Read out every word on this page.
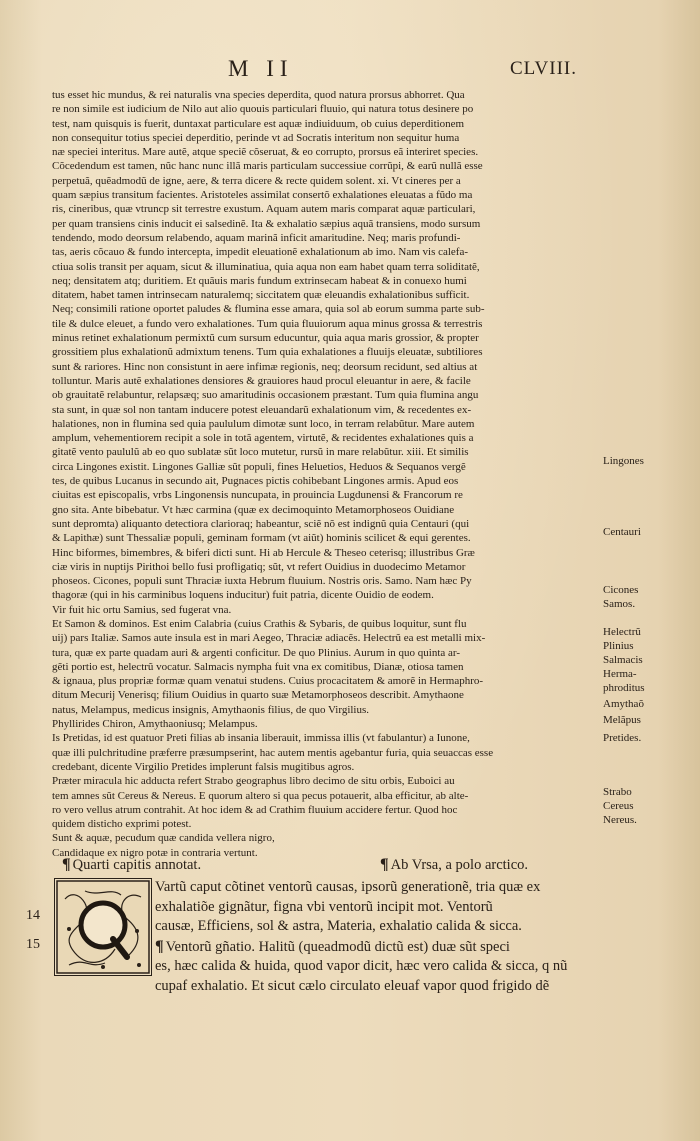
M II	CLVIII.

tus esset hic mundus, & rei naturalis vna species deperdita, quod natura prorsus abhorret. Qua

re non simile est iudicium de Nilo aut alio quouis particulari fluuio, qui natura totus desinere po

test, nam quisquis is fuerit, duntaxat particulare est aquæ indiuiduum, ob cuius deperditionem

non consequitur totius speciei deperditio, perinde vt ad Socratis interitum non sequitur huma

næ speciei interitus. Mare autẽ, atque speciẽ cõseruat, & eo corrupto, prorsus eã interiret species.

Cõcedendum est tamen, nũc hanc nunc illã maris particulam successiue corrũpi, & earũ nullã esse

perpetuã, quẽadmodũ de igne, aere, & terra dicere & recte quidem solent. xi. Vt cineres per a

quam sæpius transitum facientes. Aristoteles assimilat consertõ exhalationes eleuatas a fũdo ma

ris, cineribus, quæ vtruncp sit terrestre exustum. Aquam autem maris comparat aquæ particulari,

per quam transiens cinis inducit ei salsedinẽ. Ita & exhalatio sæpius aquã transiens, modo sursum

tendendo, modo deorsum relabendo, aquam marinã inficit amaritudine. Neq; maris profundi-

tas, aeris cõcauo & fundo intercepta, impedit eleuationẽ exhalationum ab imo. Nam vis calefa-

ctiua solis transit per aquam, sicut & illuminatiua, quia aqua non eam habet quam terra soliditatẽ,

neq; densitatem atq; duritiem. Et quãuis maris fundum extrinsecam habeat & in conuexo humi

ditatem, habet tamen intrinsecam naturalemq; siccitatem quæ eleuandis exhalationibus sufficit.

Neq; consimili ratione oportet paludes & flumina esse amara, quia sol ab eorum summa parte sub-

tile & dulce eleuet, a fundo vero exhalationes. Tum quia fluuiorum aqua minus grossa & terrestris

minus retinet exhalationum permixtũ cum sursum educuntur, quia aqua maris grossior, & propter

grossitiem plus exhalationũ admixtum tenens. Tum quia exhalationes a fluuijs eleuatæ, subtiliores

sunt & rariores. Hinc non consistunt in aere infimæ regionis, neq; deorsum recidunt, sed altius at

tolluntur. Maris autẽ exhalationes densiores & grauiores haud procul eleuantur in aere, & facile

ob grauitatẽ relabuntur, relapsæq; suo amaritudinis occasionem præstant. Tum quia flumina angu

sta sunt, in quæ sol non tantam inducere potest eleuandarũ exhalationum vim, & recedentes ex-

halationes, non in flumina sed quia paululum dimotæ sunt loco, in terram relabũtur. Mare autem

amplum, vehementiorem recipit a sole in totã agentem, virtutẽ, & recidentes exhalationes quis a

gitatẽ vento paululũ ab eo quo sublatæ sũt loco mutetur, rursũ in mare relabũtur. xiii. Et similis

circa Lingones existit. Lingones Galliæ sũt populi, fines Heluetios, Heduos & Sequanos vergẽ

tes, de quibus Lucanus in secundo ait, Pugnaces pictis cohibebant Lingones armis. Apud eos

ciuitas est episcopalis, vrbs Lingonensis nuncupata, in prouincia Lugdunensi & Francorum re

gno sita. Ante bibebatur. Vt hæc carmina (quæ ex decimoquinto Metamorphoseos Ouidiane

sunt depromta) aliquanto detectiora clarioraq; habeantur, sciẽ nõ est indignũ quia Centauri (qui

& Lapithæ) sunt Thessaliæ populi, geminam formam (vt aiũt) hominis scilicet & equi gerentes.

Hinc biformes, bimembres, & biferi dicti sunt. Hi ab Hercule & Theseo ceterisq; illustribus Græ

ciæ viris in nuptijs Pirithoi bello fusi profligatiq; sũt, vt refert Ouidius in duodecimo Metamor

phoseos. Cicones, populi sunt Thraciæ iuxta Hebrum fluuium. Nostris oris. Samo. Nam hæc Py

thagoræ (qui in his carminibus loquens inducitur) fuit patria, dicente Ouidio de eodem.

Vir fuit hic ortu Samius, sed fugerat vna.

Et Samon & dominos. Est enim Calabria (cuius Crathis & Sybaris, de quibus loquitur, sunt flu

uij) pars Italiæ. Samos aute insula est in mari Aegeo, Thraciæ adiacẽs. Helectrũ ea est metalli mix-

tura, quæ ex parte quadam auri & argenti conficitur. De quo Plinius. Aurum in quo quinta ar-

gẽti portio est, helectrũ vocatur. Salmacis nympha fuit vna ex comitibus, Dianæ, otiosa tamen

& ignaua, plus propriæ formæ quam venatui studens. Cuius procacitatem & amorẽ in Hermaphro-

ditum Mecurij Venerisq; filium Ouidius in quarto suæ Metamorphoseos describit. Amythaone

natus, Melampus, medicus insignis, Amythaonis filius, de quo Virgilius.

Phyllirides Chiron, Amythaoniusq; Melampus.

Is Pretidas, id est quatuor Preti filias ab insania liberauit, immissa illis (vt fabulantur) a Iunone,

quæ illi pulchritudine præferre præsumpserint, hac autem mentis agebantur furia, quia seuaccas esse

credebant, dicente Virgilio Pretides implerunt falsis mugitibus agros.

Præter miracula hic adducta refert Strabo geographus libro decimo de situ orbis, Euboici au

tem amnes sũt Cereus & Nereus. E quorum altero si qua pecus potauerit, alba efficitur, ab alte-

ro vero vellus atrum contrahit. At hoc idem & ad Crathim fluuium accidere fertur. Quod hoc

quidem disticho exprimi potest.

Sunt & aquæ, pecudum quæ candida vellera nigro,

Candidaque ex nigro potæ in contraria vertunt.

Lingones
Centauri
Cicones
Samos.
Helectrũ
Plinius
Salmacis
Herma-
phroditus
Amythaõ
Melãpus
Pretides.
Strabo
Cereus
Nereus.
¶ Quarti capitis annotat.	¶ Ab Vrsa, a polo arctico.
Vartũ caput cõtinet ventorũ causas, ipsorũ generationẽ, tria quæ ex
exhalatiõe gignãtur, figna vbi ventorũ incipit mot. Ventorũ
causæ, Efficiens, sol & astra, Materia, exhalatio calida & sicca.
¶ Ventorũ gñatio. Halitũ (queadmodũ dictũ est) duæ sũt speci
es, hæc calida & huida, quod vapor dicit, hæc vero calida & sicca, q nũ
cupaf exhalatio. Et sicut cælo circulato eleuaf vapor quod frigido dẽ
14
15
